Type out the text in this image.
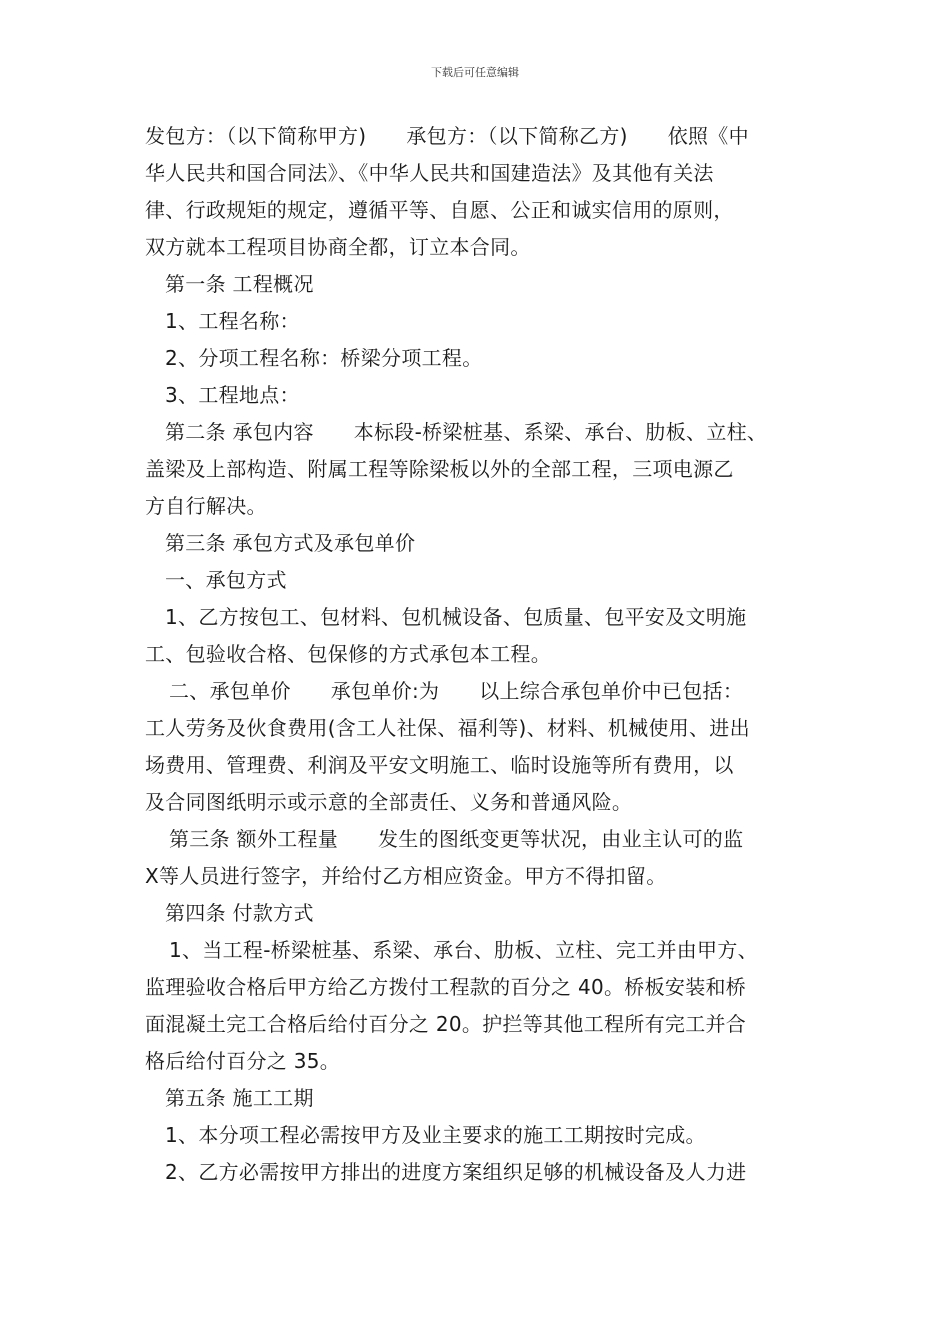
下载后可任意编辑
发包方：（以下简称甲方)      承包方：（以下简称乙方)      依照《中
华人民共和国合同法》、《中华人民共和国建造法》及其他有关法
律、行政规矩的规定，遵循平等、自愿、公正和诚实信用的原则，
双方就本工程项目协商全都，订立本合同。
第一条 工程概况
1、工程名称：
2、分项工程名称：桥梁分项工程。
3、工程地点：
第二条 承包内容      本标段-桥梁桩基、系梁、承台、肋板、立柱、
盖梁及上部构造、附属工程等除梁板以外的全部工程，三项电源乙
方自行解决。
第三条 承包方式及承包单价
一、承包方式
1、乙方按包工、包材料、包机械设备、包质量、包平安及文明施
工、包验收合格、包保修的方式承包本工程。
二、承包单价      承包单价:为      以上综合承包单价中已包括：
工人劳务及伙食费用(含工人社保、福利等)、材料、机械使用、进出
场费用、管理费、利润及平安文明施工、临时设施等所有费用，以
及合同图纸明示或示意的全部责任、义务和普通风险。
第三条 额外工程量      发生的图纸变更等状况，由业主认可的监
X等人员进行签字，并给付乙方相应资金。甲方不得扣留。
第四条 付款方式
1、当工程-桥梁桩基、系梁、承台、肋板、立柱、完工并由甲方、
监理验收合格后甲方给乙方拨付工程款的百分之 40。桥板安装和桥
面混凝土完工合格后给付百分之 20。护拦等其他工程所有完工并合
格后给付百分之 35。
第五条 施工工期
1、本分项工程必需按甲方及业主要求的施工工期按时完成。
2、乙方必需按甲方排出的进度方案组织足够的机械设备及人力进
